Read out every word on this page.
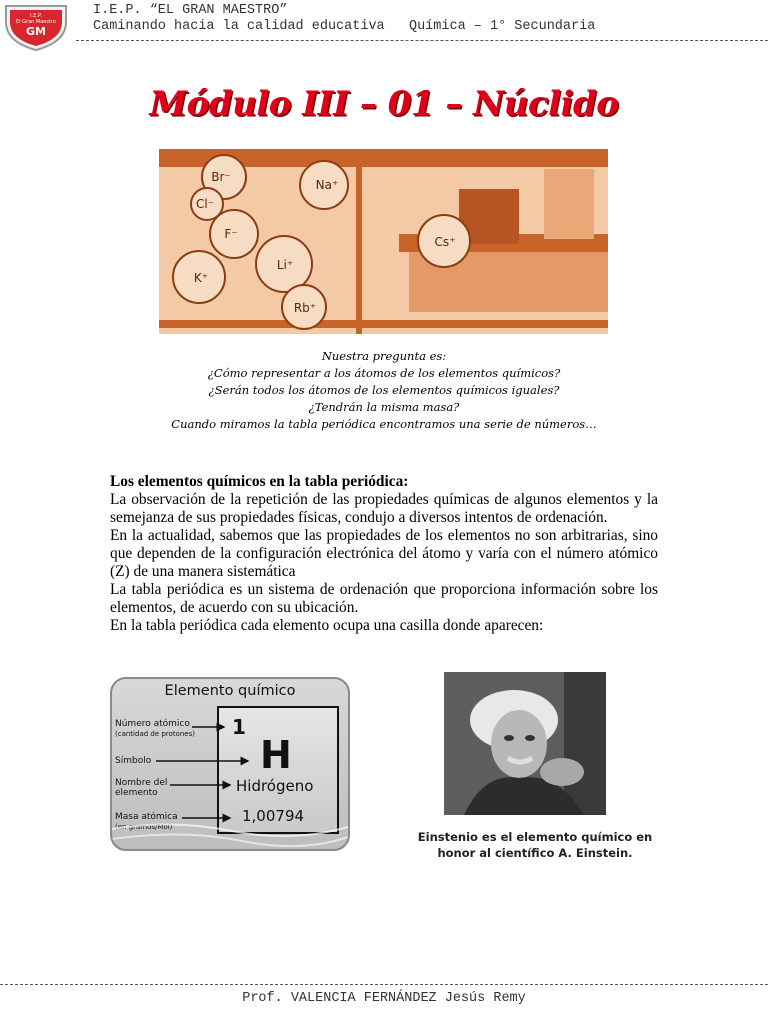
I.E.P.
El Gran Maestro
GM
I.E.P. “EL GRAN MAESTRO”
Caminando hacia la calidad educativa Química – 1° Secundaria
Módulo III – 01 – Núclido
Br⁻
Cl⁻
Na⁺
F⁻
Cs⁺
K⁺
Li⁺
Rb⁺
Nuestra pregunta es:
¿Cómo representar a los átomos de los elementos químicos?
¿Serán todos los átomos de los elementos químicos iguales?
¿Tendrán la misma masa?
Cuando miramos la tabla periódica encontramos una serie de números…

Los elementos químicos en la tabla periódica:

La observación de la repetición de las propiedades químicas de algunos elementos y la semejanza de sus propiedades físicas, condujo a diversos intentos de ordenación.

En la actualidad, sabemos que las propiedades de los elementos no son arbitrarias, sino que dependen de la configuración electrónica del átomo y varía con el número atómico (Z) de una manera sistemática

La tabla periódica es un sistema de ordenación que proporciona información sobre los elementos, de acuerdo con su ubicación.

En la tabla periódica cada elemento ocupa una casilla donde aparecen:

Elemento químico
Número atómico
(cantidad de protones)
Símbolo
Nombre del
elemento
Masa atómica
(en gramos/Mol)
1
H
Hidrógeno
1,00794
Einstenio es el elemento químico en
honor al científico A. Einstein.
Prof. VALENCIA FERNÁNDEZ Jesús Remy
